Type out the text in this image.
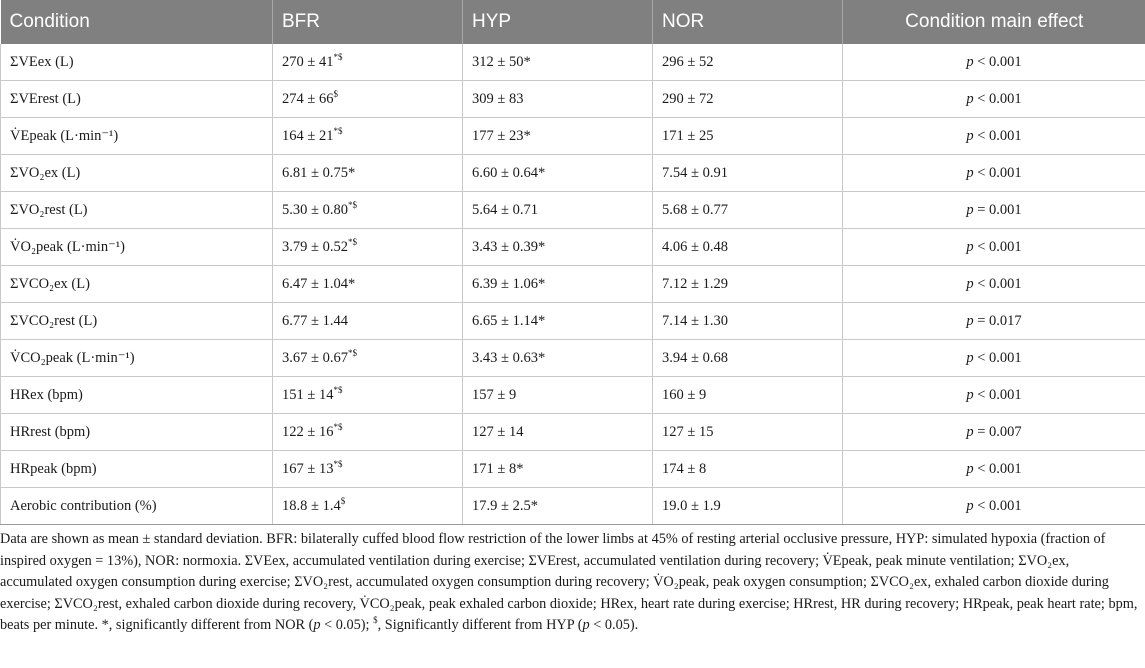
Condition	BFR	HYP	NOR	Condition main effect
ΣVEex (L)	270 ± 41*$	312 ± 50*	296 ± 52	p < 0.001
ΣVErest (L)	274 ± 66$	309 ± 83	290 ± 72	p < 0.001
V̇Epeak (L·min⁻¹)	164 ± 21*$	177 ± 23*	171 ± 25	p < 0.001
ΣVO₂ex (L)	6.81 ± 0.75*	6.60 ± 0.64*	7.54 ± 0.91	p < 0.001
ΣVO₂rest (L)	5.30 ± 0.80*$	5.64 ± 0.71	5.68 ± 0.77	p = 0.001
V̇O₂peak (L·min⁻¹)	3.79 ± 0.52*$	3.43 ± 0.39*	4.06 ± 0.48	p < 0.001
ΣVCO₂ex (L)	6.47 ± 1.04*	6.39 ± 1.06*	7.12 ± 1.29	p < 0.001
ΣVCO₂rest (L)	6.77 ± 1.44	6.65 ± 1.14*	7.14 ± 1.30	p = 0.017
V̇CO₂peak (L·min⁻¹)	3.67 ± 0.67*$	3.43 ± 0.63*	3.94 ± 0.68	p < 0.001
HRex (bpm)	151 ± 14*$	157 ± 9	160 ± 9	p < 0.001
HRrest (bpm)	122 ± 16*$	127 ± 14	127 ± 15	p = 0.007
HRpeak (bpm)	167 ± 13*$	171 ± 8*	174 ± 8	p < 0.001
Aerobic contribution (%)	18.8 ± 1.4$	17.9 ± 2.5*	19.0 ± 1.9	p < 0.001
Data are shown as mean ± standard deviation. BFR: bilaterally cuffed blood flow restriction of the lower limbs at 45% of resting arterial occlusive pressure, HYP: simulated hypoxia (fraction of inspired oxygen = 13%), NOR: normoxia. ΣVEex, accumulated ventilation during exercise; ΣVErest, accumulated ventilation during recovery; V̇Epeak, peak minute ventilation; ΣVO₂ex, accumulated oxygen consumption during exercise; ΣVO₂rest, accumulated oxygen consumption during recovery; V̇O₂peak, peak oxygen consumption; ΣVCO₂ex, exhaled carbon dioxide during exercise; ΣVCO₂rest, exhaled carbon dioxide during recovery, V̇CO₂peak, peak exhaled carbon dioxide; HRex, heart rate during exercise; HRrest, HR during recovery; HRpeak, peak heart rate; bpm, beats per minute. *, significantly different from NOR (p < 0.05); $, Significantly different from HYP (p < 0.05).
